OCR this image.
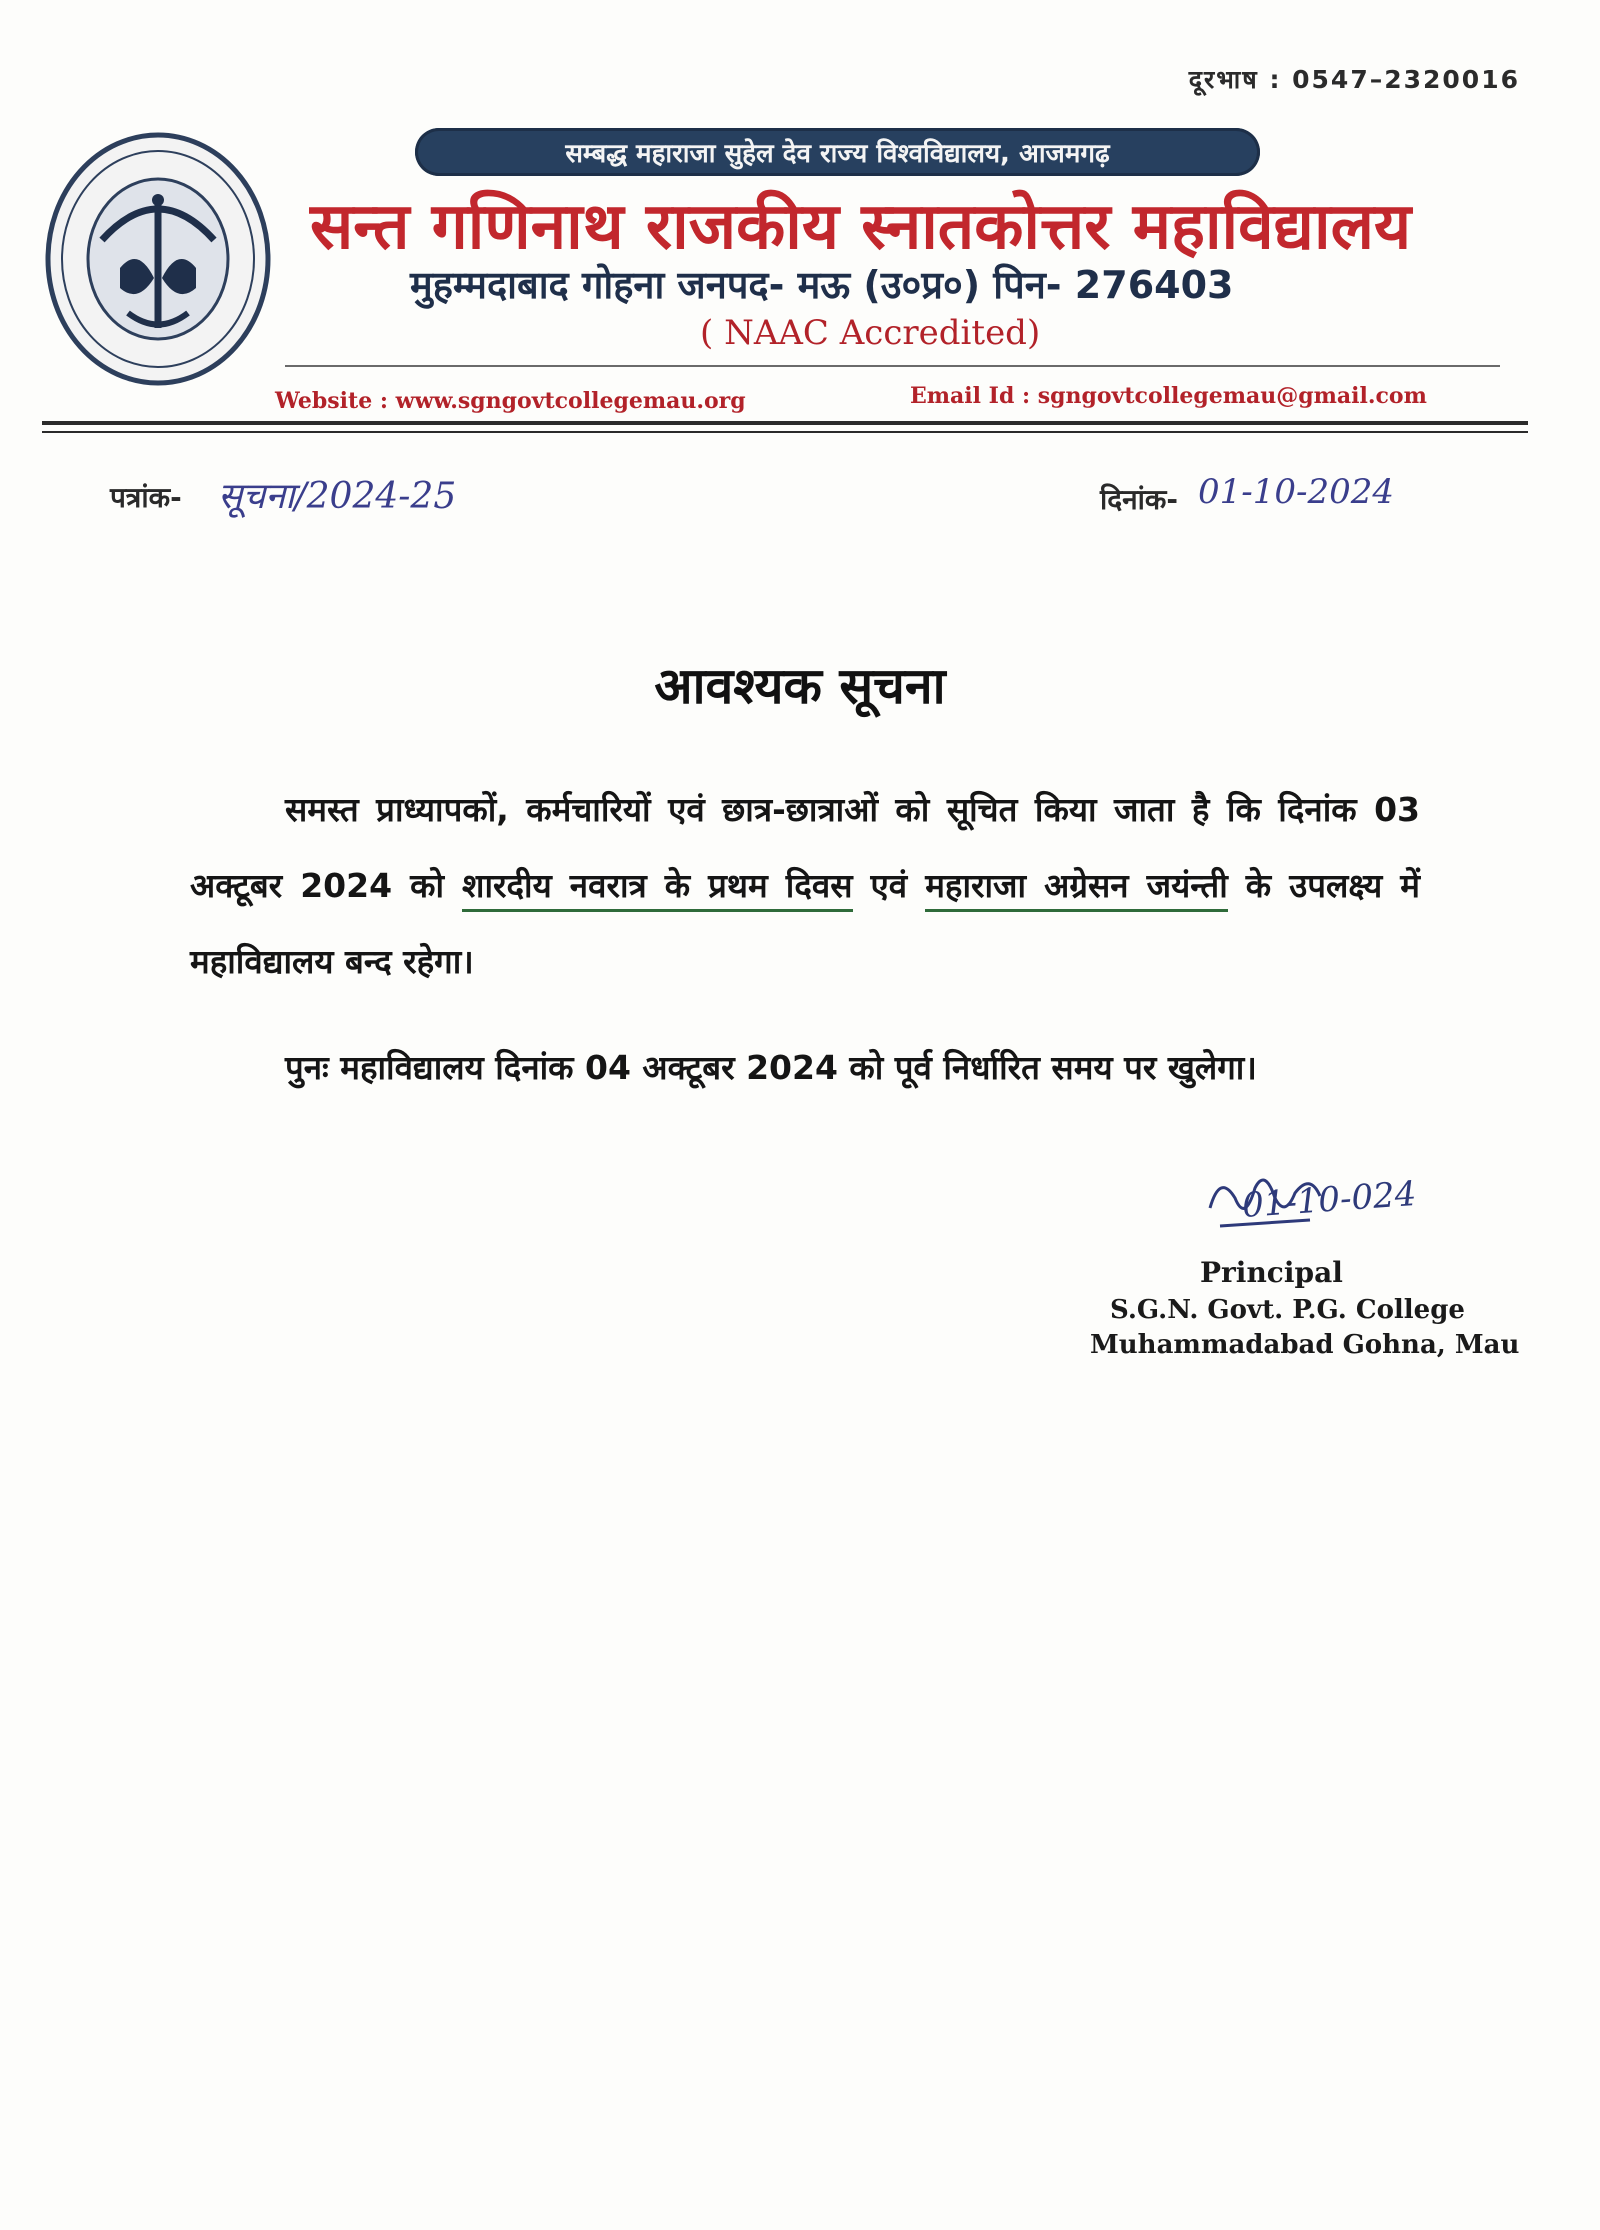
दूरभाष : 0547–2320016
सम्बद्ध महाराजा सुहेल देव राज्य विश्वविद्यालय, आजमगढ़
सन्त गणिनाथ राजकीय स्नातकोत्तर महाविद्यालय
मुहम्मदाबाद गोहना जनपद- मऊ (उ०प्र०) पिन- 276403
( NAAC Accredited)
Website : www.sgngovtcollegemau.org	Email Id : sgngovtcollegemau@gmail.com
पत्रांक- सूचना/2024-25	दिनांक- 01-10-2024
आवश्यक सूचना
समस्त प्राध्यापकों, कर्मचारियों एवं छात्र-छात्राओं को सूचित किया जाता है कि दिनांक 03 अक्टूबर 2024 को शारदीय नवरात्र के प्रथम दिवस एवं महाराजा अग्रेसन जयंन्ती के उपलक्ष्य में महाविद्यालय बन्द रहेगा।
पुनः महाविद्यालय दिनांक 04 अक्टूबर 2024 को पूर्व निर्धारित समय पर खुलेगा।
01-10-024
Principal
S.G.N. Govt. P.G. College
Muhammadabad Gohna, Mau
